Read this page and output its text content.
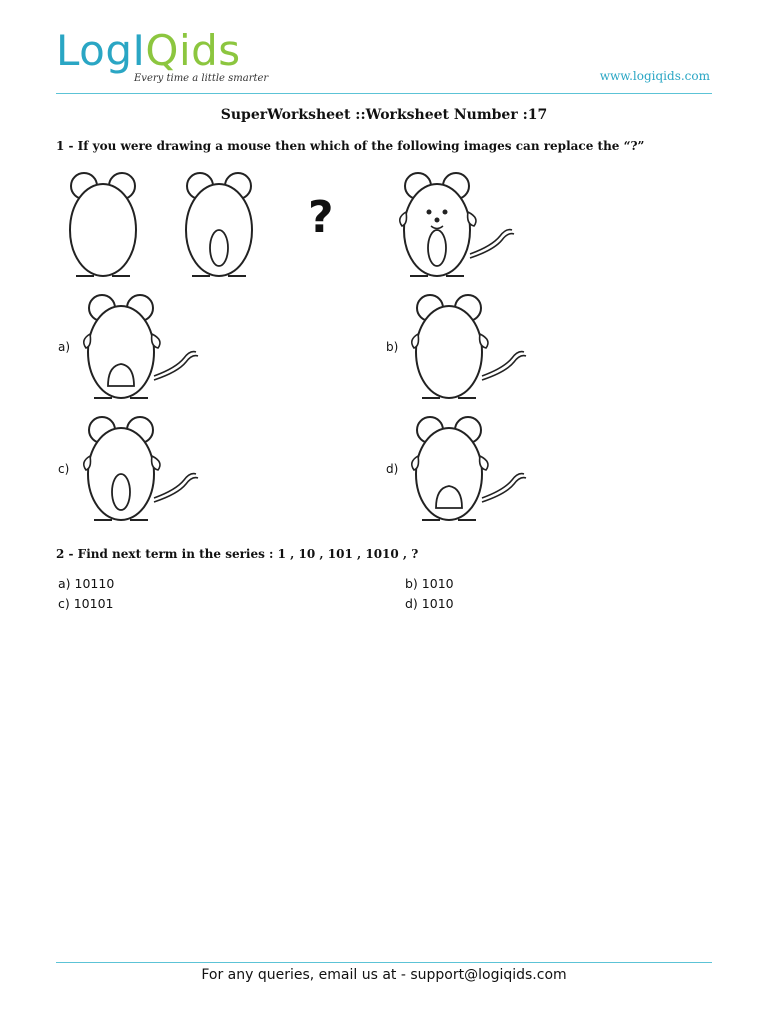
LogIQids
Every time a little smarter	www.logiqids.com
SuperWorksheet ::Worksheet Number :17
1 - If you were drawing a mouse then which of the following images can replace the “?”
?
a)	b)
c)	d)
2 - Find next term in the series : 1 , 10 , 101 , 1010 , ?
a) 10110	b) 1010
c) 10101	d) 1010
For any queries, email us at - support@logiqids.com
